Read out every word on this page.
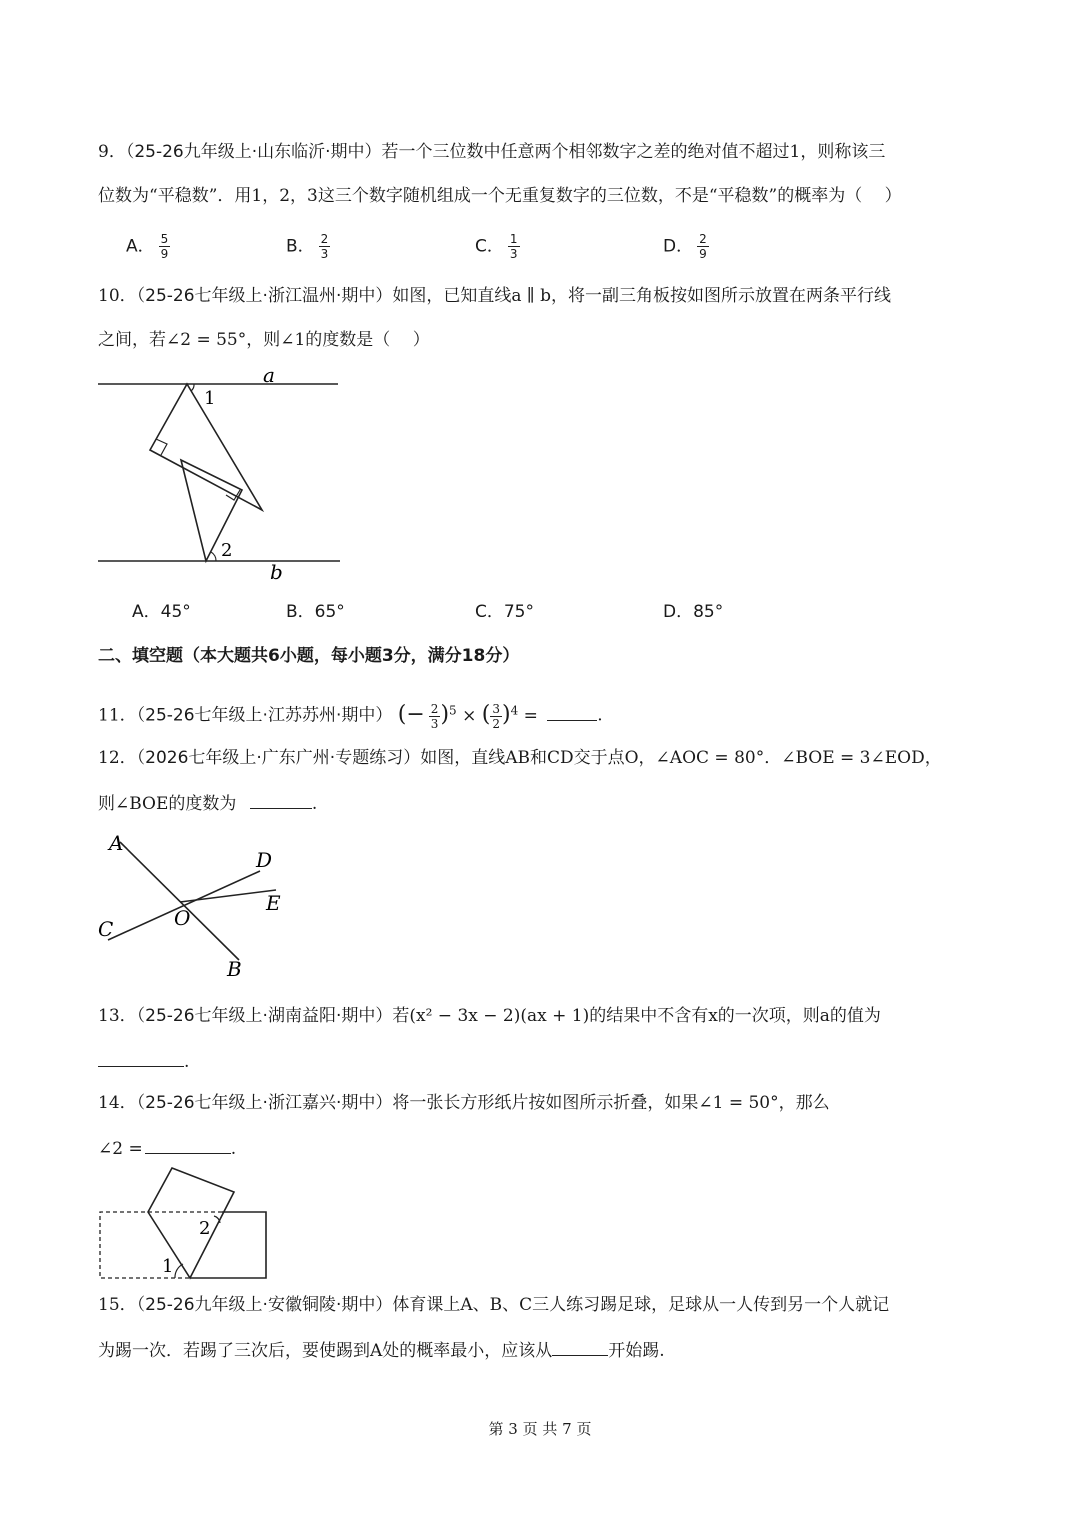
9．（25-26九年级上·山东临沂·期中）若一个三位数中任意两个相邻数字之差的绝对值不超过1，则称该三
位数为“平稳数”．用1，2，3这三个数字随机组成一个无重复数字的三位数，不是“平稳数”的概率为（　 ）
A． $\frac{5}{9}$	B． $\frac{2}{3}$	C． $\frac{1}{3}$	D． $\frac{2}{9}$
10．（25-26七年级上·浙江温州·期中）如图，已知直线a ∥ b，将一副三角板按如图所示放置在两条平行线
之间，若∠2 = 55°，则∠1的度数是（　 ）
a
1
2
b
A．45°	B．65°	C．75°	D．85°
二、填空题（本大题共6小题，每小题3分，满分18分）
11．（25-26七年级上·江苏苏州·期中） (− $\frac{2}{3} )^5$ × ( $\frac{3}{2} )^4$ =	.
12．（2026七年级上·广东广州·专题练习）如图，直线AB和CD交于点O，∠AOC = 80°．∠BOE = 3∠EOD，
则∠BOE的度数为	.
A
D
E
O
C
B
13．（25-26七年级上·湖南益阳·期中）若(x² − 3x − 2)(ax + 1)的结果中不含有x的一次项，则a的值为
.
14．（25-26七年级上·浙江嘉兴·期中）将一张长方形纸片按如图所示折叠，如果∠1 = 50°，那么
∠2 =	.
1
2
15．（25-26九年级上·安徽铜陵·期中）体育课上A、B、C三人练习踢足球，足球从一人传到另一个人就记
为踢一次．若踢了三次后，要使踢到A处的概率最小，应该从	开始踢.
第 3 页 共 7 页
